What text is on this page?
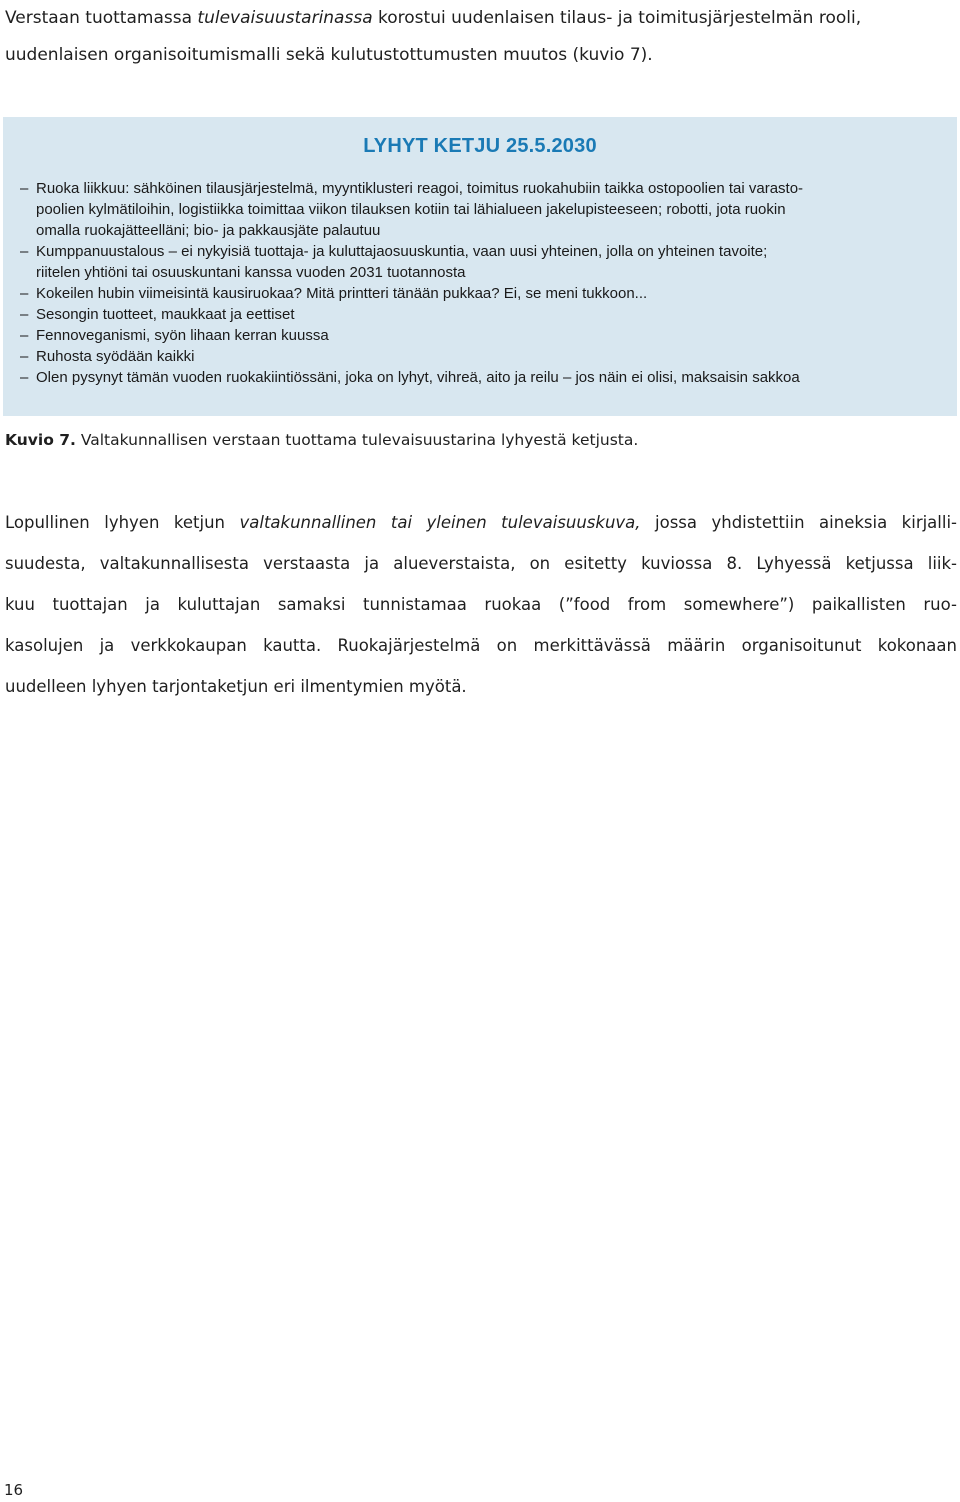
Verstaan tuottamassa tulevaisuustarinassa korostui uudenlaisen tilaus- ja toimitusjärjestelmän rooli,
uudenlaisen organisoitumismalli sekä kulutustottumusten muutos (kuvio 7).
LYHYT KETJU 25.5.2030
– Ruoka liikkuu: sähköinen tilausjärjestelmä, myyntiklusteri reagoi, toimitus ruokahubiin taikka ostopoolien tai varasto-
poolien kylmätiloihin, logistiikka toimittaa viikon tilauksen kotiin tai lähialueen jakelupisteeseen; robotti, jota ruokin
omalla ruokajätteelläni; bio- ja pakkausjäte palautuu
– Kumppanuustalous – ei nykyisiä tuottaja- ja kuluttajaosuuskuntia, vaan uusi yhteinen, jolla on yhteinen tavoite;
riitelen yhtiöni tai osuuskuntani kanssa vuoden 2031 tuotannosta
– Kokeilen hubin viimeisintä kausiruokaa? Mitä printteri tänään pukkaa? Ei, se meni tukkoon...
– Sesongin tuotteet, maukkaat ja eettiset
– Fennoveganismi, syön lihaan kerran kuussa
– Ruhosta syödään kaikki
– Olen pysynyt tämän vuoden ruokakiintiössäni, joka on lyhyt, vihreä, aito ja reilu – jos näin ei olisi, maksaisin sakkoa
Kuvio 7. Valtakunnallisen verstaan tuottama tulevaisuustarina lyhyestä ketjusta.
Lopullinen lyhyen ketjun valtakunnallinen tai yleinen tulevaisuuskuva, jossa yhdistettiin aineksia kirjalli-
suudesta, valtakunnallisesta verstaasta ja alueverstaista, on esitetty kuviossa 8. Lyhyessä ketjussa liik-
kuu tuottajan ja kuluttajan samaksi tunnistamaa ruokaa (”food from somewhere”) paikallisten ruo-
kasolujen ja verkkokaupan kautta. Ruokajärjestelmä on merkittävässä määrin organisoitunut kokonaan
uudelleen lyhyen tarjontaketjun eri ilmentymien myötä.
16
